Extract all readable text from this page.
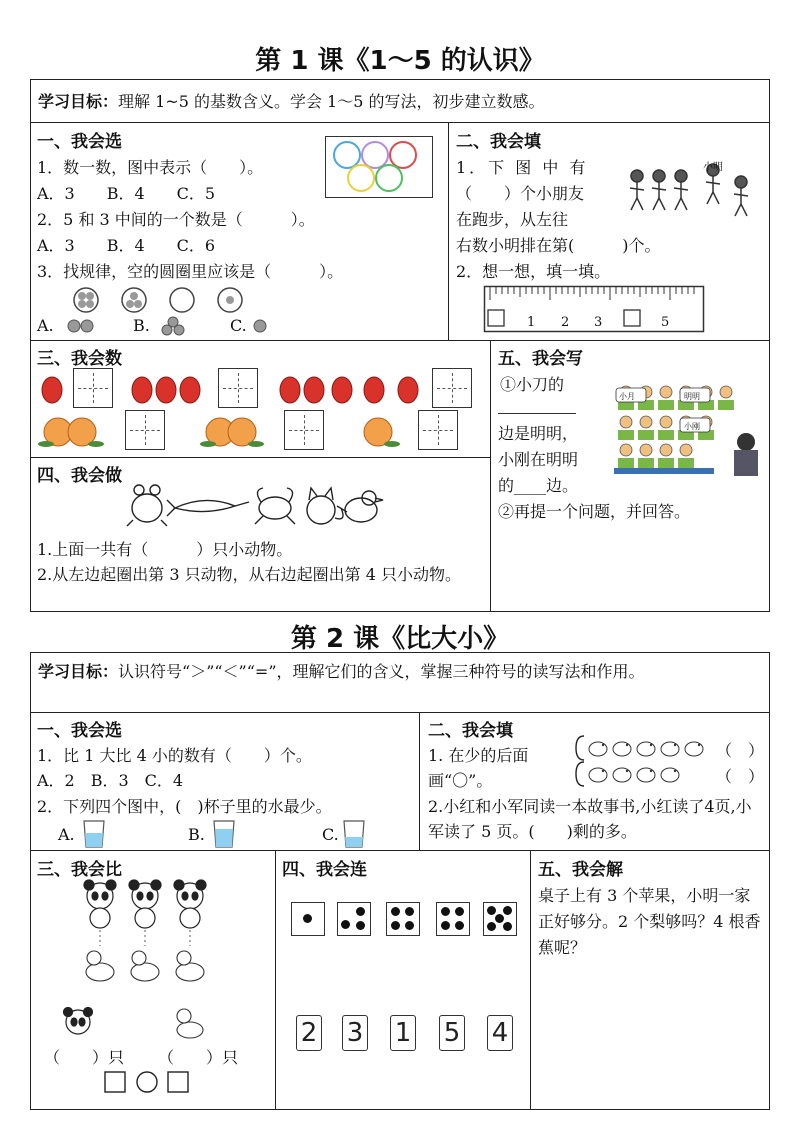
第 1 课《1～5 的认识》
学习目标：理解 1~5 的基数含义。学会 1～5 的写法，初步建立数感。
一、我会选
1．数一数，图中表示（　　）。
A．3　　B．4　　C．5
2．5 和 3 中间的一个数是（　　　）。
A．3　　B．4　　C．6
3．找规律，空的圆圈里应该是（　　　）。
A.	B.	C.
二、我会填
1．下 图 中 有
（　　）个小朋友
在跑步，从左往
右数小明排在第(　　　)个。
小明
2．想一想，填一填。
1 2 3	5
三、我会数
四、我会做
1.上面一共有（　　　）只小动物。
2.从左边起圈出第 3 只动物，从右边起圈出第 4 只小动物。
五、我会写
①小刀的
边是明明，
小刚在明明
的____边。
②再提一个问题，并回答。
小月	明明
小刚
第 2 课《比大小》
学习目标：认识符号“＞”“＜”“=”，理解它们的含义，掌握三种符号的读写法和作用。
一、我会选
1．比 1 大比 4 小的数有（　　）个。
A．2　B．3　C．4
2．下列四个图中，(　)杯子里的水最少。
A.	B.	C.
二、我会填
1. 在少的后面
画“〇”。
（　）
（　）
2.小红和小军同读一本故事书,小红读了4页,小军读了 5 页。(　　)剩的多。
三、我会比
（　　）只 （　　）只
四、我会连
2 3 1 5 4
五、我会解
桌子上有 3 个苹果，小明一家正好够分。2 个梨够吗？4 根香蕉呢？
